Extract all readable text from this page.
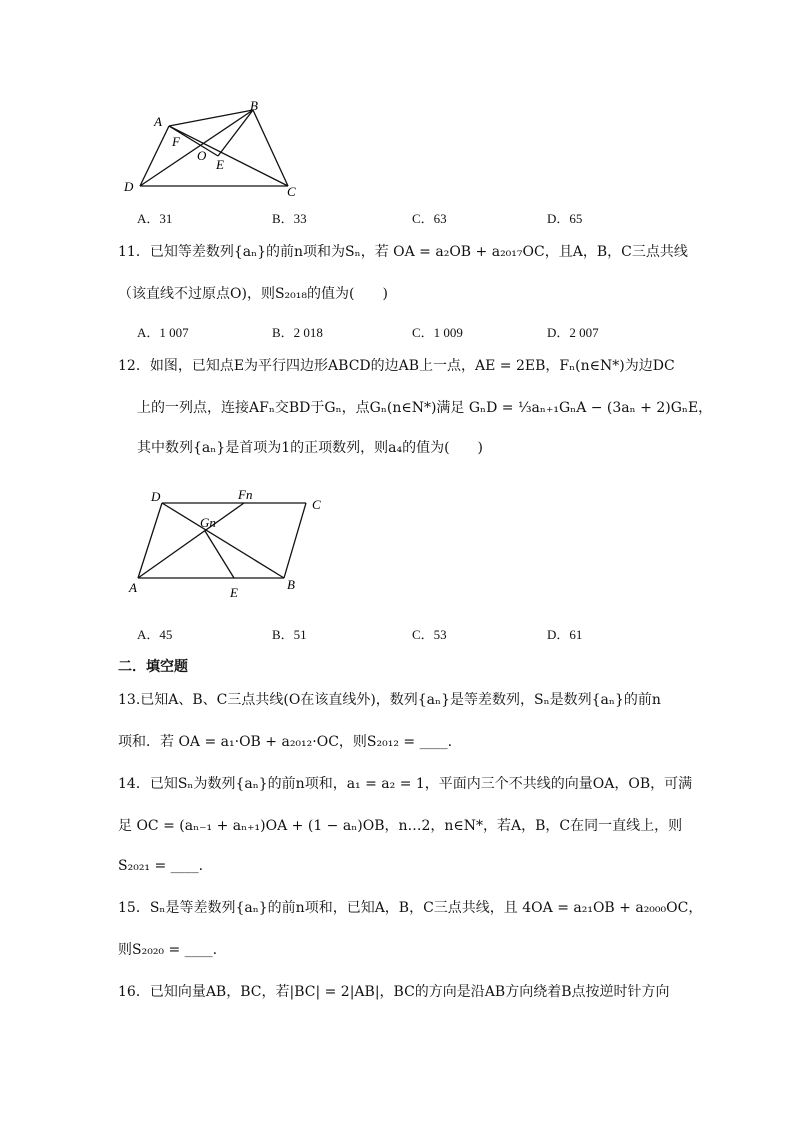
A
B
C
D
F
O
E
A．31	B．33	C．63	D．65
11．已知等差数列{aₙ}的前n项和为Sₙ，若 OA = a₂OB + a₂₀₁₇OC，且A，B，C三点共线
（该直线不过原点O)，则S₂₀₁₈的值为(　　)
A．1 007	B．2 018	C．1 009	D．2 007
12．如图，已知点E为平行四边形ABCD的边AB上一点，AE = 2EB，Fₙ(n∈N*)为边DC
上的一列点，连接AFₙ交BD于Gₙ，点Gₙ(n∈N*)满足 GₙD = ⅓aₙ₊₁GₙA − (3aₙ + 2)GₙE，
其中数列{aₙ}是首项为1的正项数列，则a₄的值为(　　)
D	Fn
C
Gn
A	E
B
A．45	B．51	C．53	D．61
二．填空题
13.已知A、B、C三点共线(O在该直线外)，数列{aₙ}是等差数列，Sₙ是数列{aₙ}的前n
项和．若 OA = a₁·OB + a₂₀₁₂·OC，则S₂₀₁₂ = ____.
14．已知Sₙ为数列{aₙ}的前n项和，a₁ = a₂ = 1，平面内三个不共线的向量OA，OB，可满
足 OC = (aₙ₋₁ + aₙ₊₁)OA + (1 − aₙ)OB，n…2，n∈N*，若A，B，C在同一直线上，则
S₂₀₂₁ = ____.
15．Sₙ是等差数列{aₙ}的前n项和，已知A，B，C三点共线，且 4OA = a₂₁OB + a₂₀₀₀OC，
则S₂₀₂₀ = ____.
16．已知向量AB，BC，若|BC| = 2|AB|，BC的方向是沿AB方向绕着B点按逆时针方向
